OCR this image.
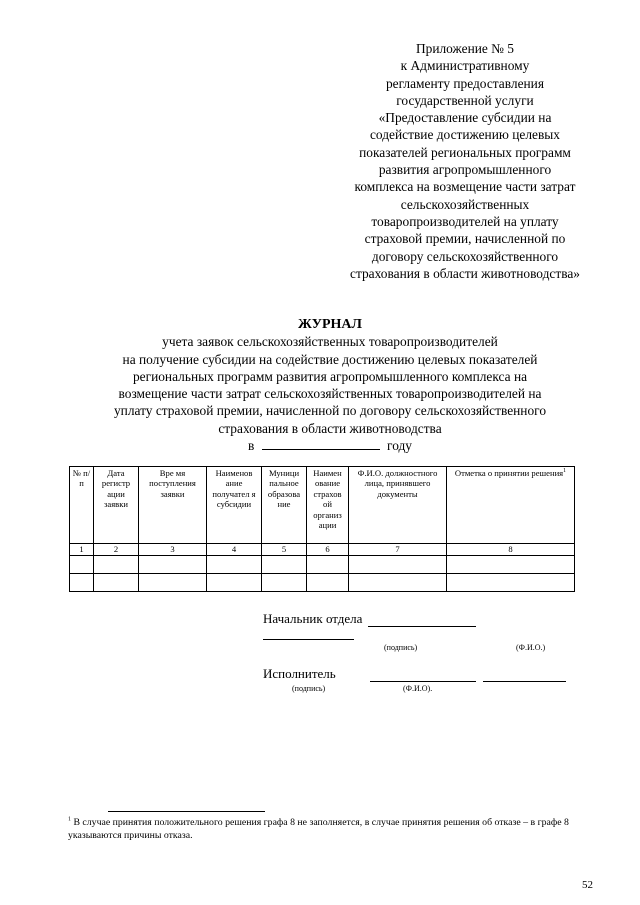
Приложение № 5
к Административному
регламенту предоставления
государственной услуги
«Предоставление субсидии на
содействие достижению целевых
показателей региональных программ
развития агропромышленного
комплекса на возмещение части затрат
сельскохозяйственных
товаропроизводителей на уплату
страховой премии, начисленной по
договору сельскохозяйственного
страхования в области животноводства»
ЖУРНАЛ
учета заявок сельскохозяйственных товаропроизводителей
на получение субсидии на содействие достижению целевых показателей
региональных программ развития агропромышленного комплекса на
возмещение части затрат сельскохозяйственных товаропроизводителей на
уплату страховой премии, начисленной по договору сельскохозяйственного
страхования в области животноводства
в	году
№ п/п	Дата регистр ации заявки	Вре мя поступления заявки	Наименов ание получател я субсидии	Муници пальное образова ние	Наимен ование страхов ой организ ации	Ф.И.О. должностного лица, принявшего документы	Отметка о принятии решения$^1$
1	2	3	4	5	6	7	8

Начальник отдела
(подпись)	(Ф.И.О.)
Исполнитель
(подпись)	(Ф.И.О).
$^1$ В случае принятия положительного решения графа 8 не заполняется, в случае принятия решения об отказе – в графе 8 указываются причины отказа.
52
